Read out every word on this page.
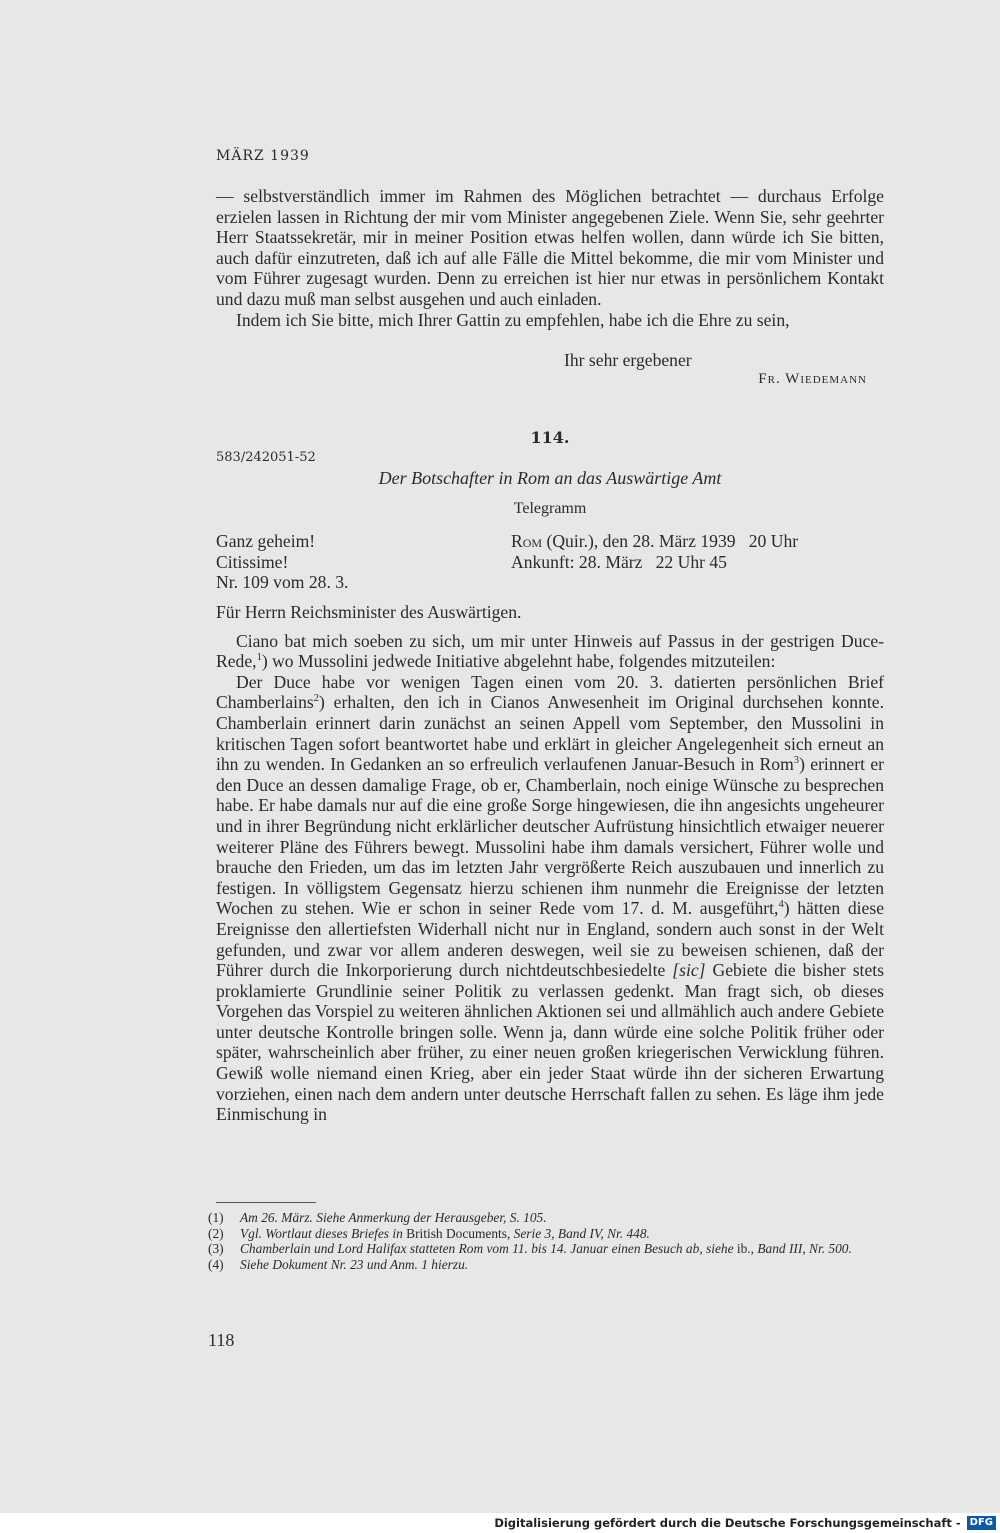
MÄRZ 1939

— selbstverständlich immer im Rahmen des Möglichen betrachtet — durchaus Erfolge erzielen lassen in Richtung der mir vom Minister angegebenen Ziele. Wenn Sie, sehr geehrter Herr Staatssekretär, mir in meiner Position etwas helfen wollen, dann würde ich Sie bitten, auch dafür einzutreten, daß ich auf alle Fälle die Mittel bekomme, die mir vom Minister und vom Führer zugesagt wurden. Denn zu erreichen ist hier nur etwas in persönlichem Kontakt und dazu muß man selbst ausgehen und auch einladen.

Indem ich Sie bitte, mich Ihrer Gattin zu empfehlen, habe ich die Ehre zu sein,

Ihr sehr ergebener
Fr. Wiedemann
114.
583/242051-52
Der Botschafter in Rom an das Auswärtige Amt
Telegramm
Ganz geheim!
Citissime!
Nr. 109 vom 28. 3.
Rom (Quir.), den 28. März 1939   20 Uhr
Ankunft: 28. März   22 Uhr 45

Für Herrn Reichsminister des Auswärtigen.

Ciano bat mich soeben zu sich, um mir unter Hinweis auf Passus in der gestrigen Duce-Rede,$^1$) wo Mussolini jedwede Initiative abgelehnt habe, folgendes mitzuteilen:

Der Duce habe vor wenigen Tagen einen vom 20. 3. datierten persönlichen Brief Chamberlains$^2$) erhalten, den ich in Cianos Anwesenheit im Original durchsehen konnte. Chamberlain erinnert darin zunächst an seinen Appell vom September, den Mussolini in kritischen Tagen sofort beantwortet habe und erklärt in gleicher Angelegenheit sich erneut an ihn zu wenden. In Gedanken an so erfreulich verlaufenen Januar-Besuch in Rom$^3$) erinnert er den Duce an dessen damalige Frage, ob er, Chamberlain, noch einige Wünsche zu besprechen habe. Er habe damals nur auf die eine große Sorge hingewiesen, die ihn angesichts ungeheurer und in ihrer Begründung nicht erklärlicher deutscher Aufrüstung hinsichtlich etwaiger neuerer weiterer Pläne des Führers bewegt. Mussolini habe ihm damals versichert, Führer wolle und brauche den Frieden, um das im letzten Jahr vergrößerte Reich auszubauen und innerlich zu festigen. In völligstem Gegensatz hierzu schienen ihm nunmehr die Ereignisse der letzten Wochen zu stehen. Wie er schon in seiner Rede vom 17. d. M. ausgeführt,$^4$) hätten diese Ereignisse den allertiefsten Widerhall nicht nur in England, sondern auch sonst in der Welt gefunden, und zwar vor allem anderen deswegen, weil sie zu beweisen schienen, daß der Führer durch die Inkorporierung durch nichtdeutschbesiedelte [sic] Gebiete die bisher stets proklamierte Grundlinie seiner Politik zu verlassen gedenkt. Man fragt sich, ob dieses Vorgehen das Vorspiel zu weiteren ähnlichen Aktionen sei und allmählich auch andere Gebiete unter deutsche Kontrolle bringen solle. Wenn ja, dann würde eine solche Politik früher oder später, wahrscheinlich aber früher, zu einer neuen großen kriegerischen Verwicklung führen. Gewiß wolle niemand einen Krieg, aber ein jeder Staat würde ihn der sicheren Erwartung vorziehen, einen nach dem andern unter deutsche Herrschaft fallen zu sehen. Es läge ihm jede Einmischung in

(1) Am 26. März. Siehe Anmerkung der Herausgeber, S. 105.
(2) Vgl. Wortlaut dieses Briefes in British Documents, Serie 3, Band IV, Nr. 448.
(3) Chamberlain und Lord Halifax statteten Rom vom 11. bis 14. Januar einen Besuch ab, siehe ib., Band III, Nr. 500.
(4) Siehe Dokument Nr. 23 und Anm. 1 hierzu.
118
Digitalisierung gefördert durch die Deutsche Forschungsgemeinschaft - DFG
